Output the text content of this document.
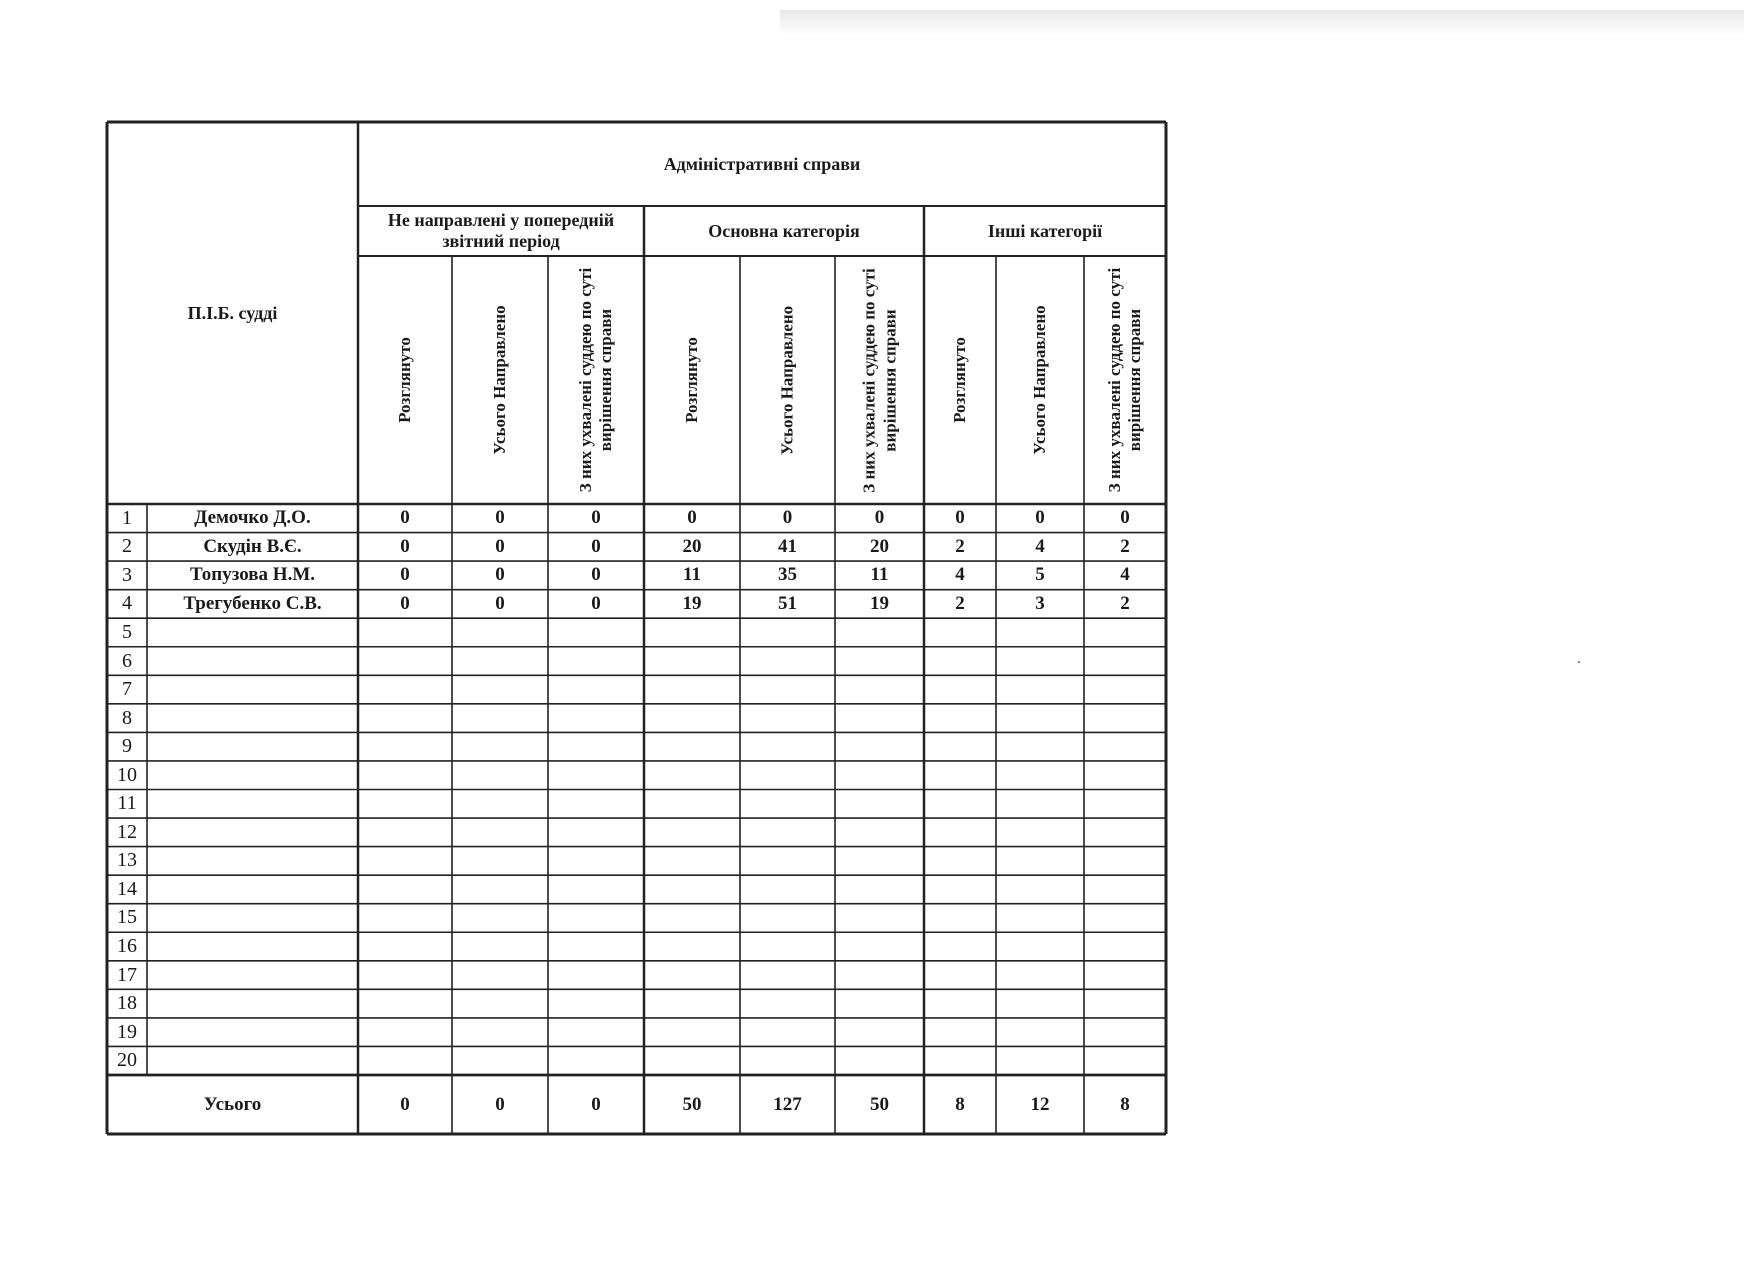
П.І.Б. судді
Адміністративні справи
Не направлені у попередній звітний період
Основна категорія	Інші категорії
Розглянуто	Усього Направлено	З них ухвалені суддею по суті вирішення справи	Розглянуто	Усього Направлено	З них ухвалені суддею по суті вирішення справи	Розглянуто	Усього Направлено	З них ухвалені суддею по суті вирішення справи
1	Демочко Д.О.	0	0	0	0	0	0	0	0	0
2	Скудін В.Є.	0	0	0	20	41	20	2	4	2
3	Топузова Н.М.	0	0	0	11	35	11	4	5	4
4	Трегубенко С.В.	0	0	0	19	51	19	2	3	2
5
6
7
8
9
10
11
12
13
14
15
16
17
18
19
20
Усього	0	0	0	50	127	50	8	12	8
